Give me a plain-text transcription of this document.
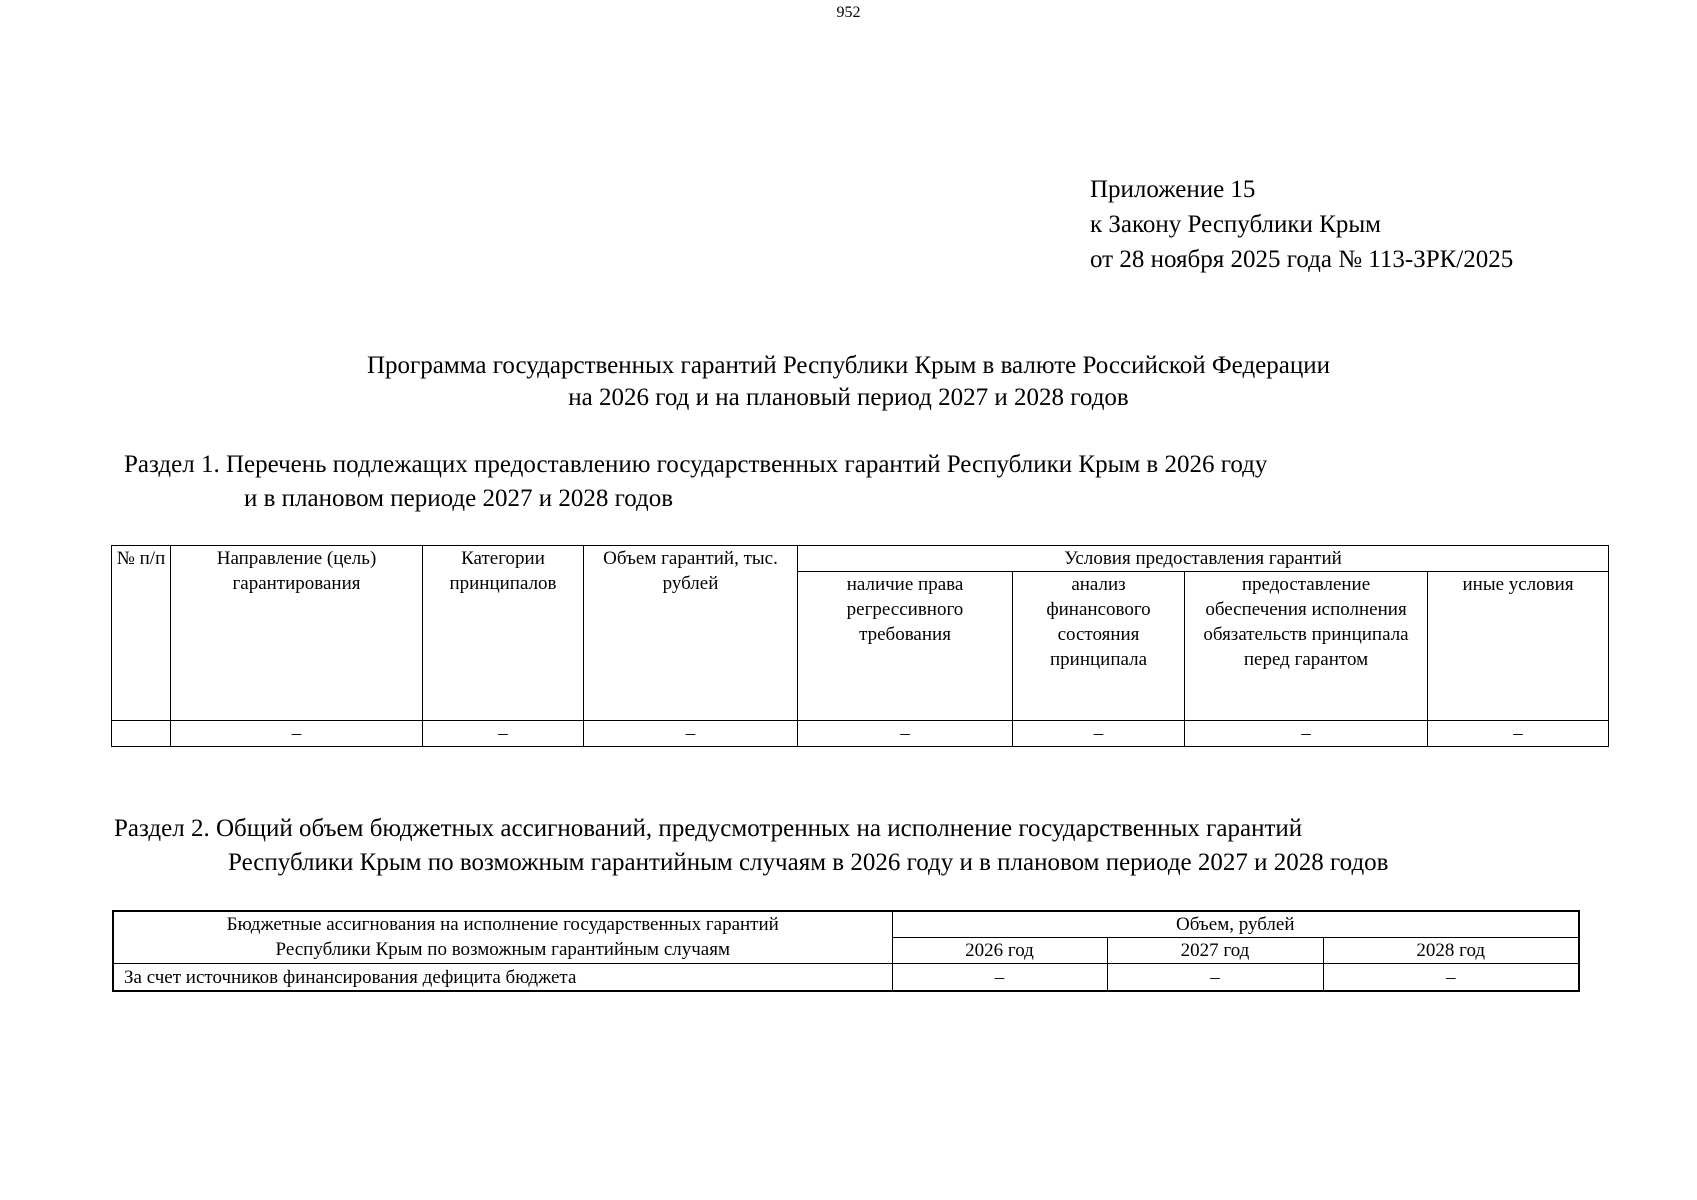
952
Приложение 15
к Закону Республики Крым
от 28 ноября 2025 года № 113-ЗРК/2025
Программа государственных гарантий Республики Крым в валюте Российской Федерации
на 2026 год и на плановый период 2027 и 2028 годов
Раздел 1. Перечень подлежащих предоставлению государственных гарантий Республики Крым в 2026 году
и в плановом периоде 2027 и 2028 годов
№ п/п	Направление (цель) гарантирования	Категории принципалов	Объем гарантий, тыс. рублей	Условия предоставления гарантий			
				наличие права регрессивного требования	анализ финансового состояния принципала	предоставление обеспечения исполнения обязательств принципала перед гарантом	иные условия
	–	–	–	–	–	–	–
Раздел 2. Общий объем бюджетных ассигнований, предусмотренных на исполнение государственных гарантий
Республики Крым по возможным гарантийным случаям в 2026 году и в плановом периоде 2027 и 2028 годов
Бюджетные ассигнования на исполнение государственных гарантий
Республики Крым по возможным гарантийным случаям	Объем, рублей		
	2026 год	2027 год	2028 год
За счет источников финансирования дефицита бюджета	–	–	–
